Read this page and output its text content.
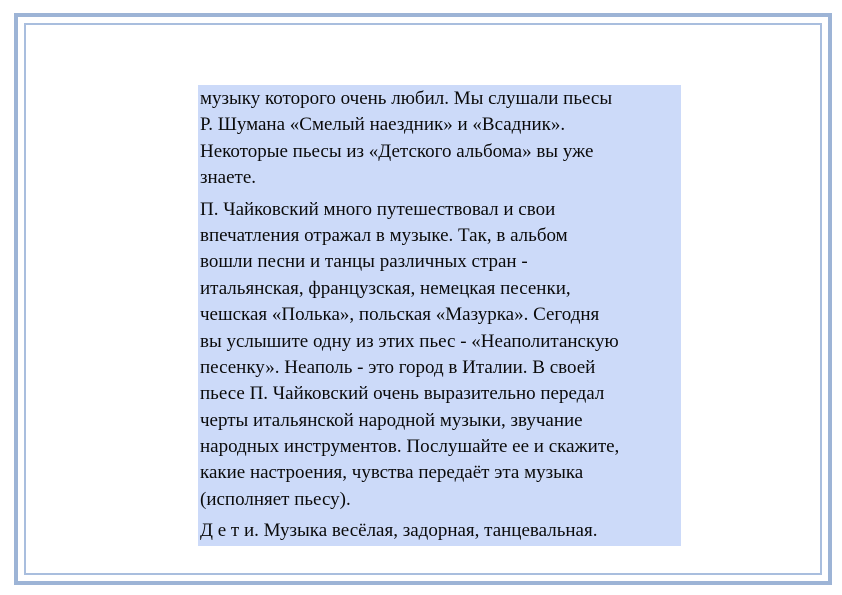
музыку которого очень любил. Мы слушали пьесы
Р. Шумана «Смелый наездник» и «Всадник».
Некоторые пьесы из «Детского альбома» вы уже
знаете.

П. Чайковский много путешествовал и свои
впечатления отражал в музыке. Так, в альбом
вошли песни и танцы различных стран -
итальянская, французская, немецкая песенки,
чешская «Полька», польская «Мазурка». Сегодня
вы услышите одну из этих пьес - «Неаполитанскую
песенку». Неаполь - это город в Италии. В своей
пьесе П. Чайковский очень выразительно передал
черты итальянской народной музыки, звучание
народных инструментов. Послушайте ее и скажите,
какие настроения, чувства передаёт эта музыка
(исполняет пьесу).

Д е т и. Музыка весёлая, задорная, танцевальная.
